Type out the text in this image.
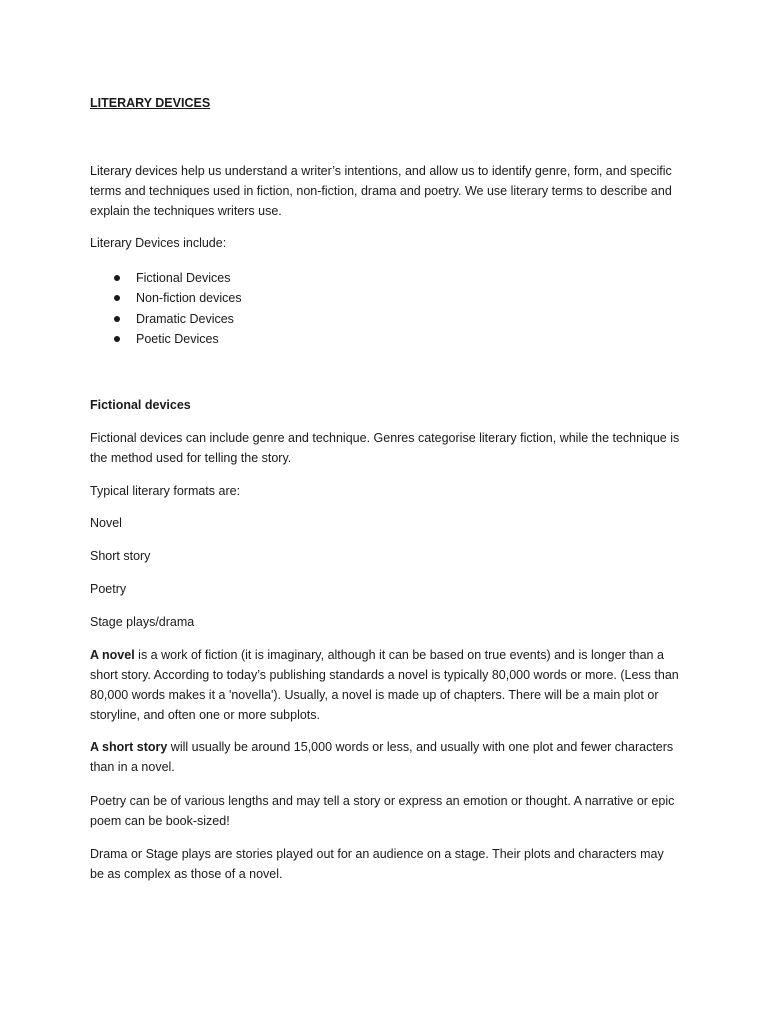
LITERARY DEVICES

Literary devices help us understand a writer’s intentions, and allow us to identify genre, form, and specific terms and techniques used in fiction, non-fiction, drama and poetry. We use literary terms to describe and explain the techniques writers use.

Literary Devices include:

Fictional Devices
Non-fiction devices
Dramatic Devices
Poetic Devices
Fictional devices

Fictional devices can include genre and technique. Genres categorise literary fiction, while the technique is the method used for telling the story.

Typical literary formats are:

Novel

Short story

Poetry

Stage plays/drama

A novel is a work of fiction (it is imaginary, although it can be based on true events) and is longer than a short story. According to today’s publishing standards a novel is typically 80,000 words or more. (Less than 80,000 words makes it a 'novella'). Usually, a novel is made up of chapters. There will be a main plot or storyline, and often one or more subplots.

A short story will usually be around 15,000 words or less, and usually with one plot and fewer characters than in a novel.

Poetry can be of various lengths and may tell a story or express an emotion or thought. A narrative or epic poem can be book-sized!

Drama or Stage plays are stories played out for an audience on a stage. Their plots and characters may be as complex as those of a novel.
